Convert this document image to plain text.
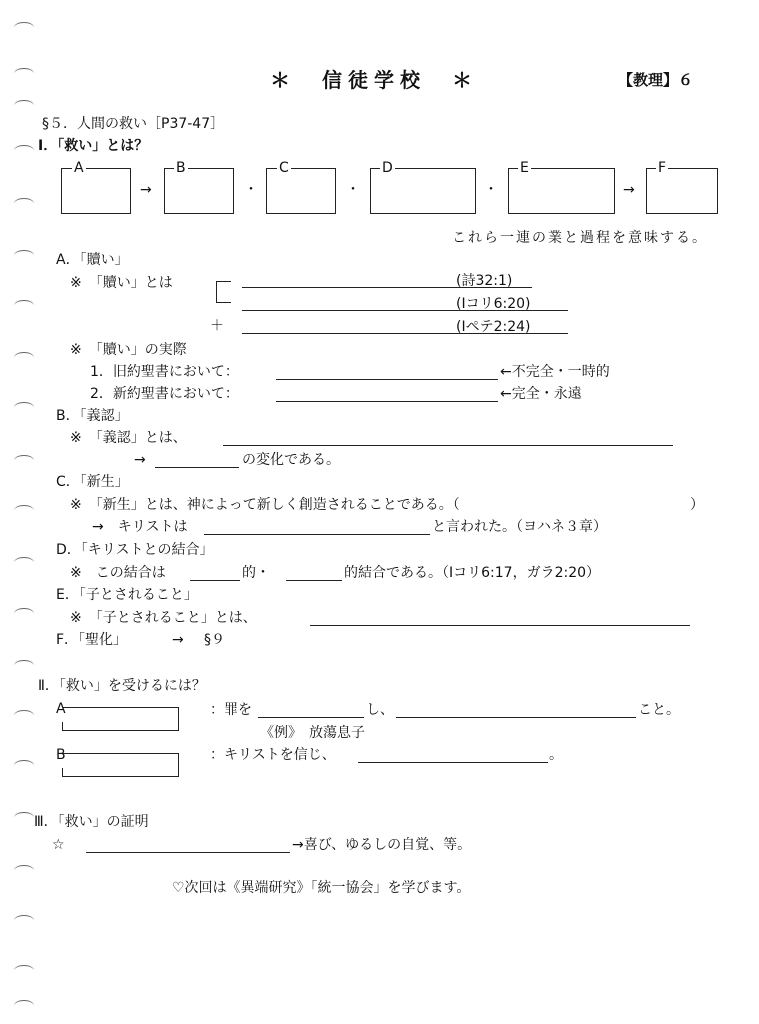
＊　信徒学校　＊	【教理】６
§５．人間の救い［P37-47］
Ⅰ．「救い」とは？
A
→
B
・
C
・
D
・
E
→
F
これら一連の業と過程を意味する。
A．「贖い」
※　「贖い」とは	(詩32:1)
(Ⅰコリ6:20)
＋	(Ⅰペテ2:24)
※　「贖い」の実際
1．旧約聖書において：	←不完全・一時的
2．新約聖書において：	←完全・永遠
B．「義認」
※　「義認」とは、
→	の変化である。
C．「新生」
※　「新生」とは、神によって新しく創造されることである。（	）
→　キリストは	と言われた。（ヨハネ３章）
D．「キリストとの結合」
※　この結合は	的・	的結合である。（Ⅰコリ6:17，ガラ2:20）
E．「子とされること」
※　「子とされること」とは、
F．「聖化」	→ §９
Ⅱ．「救い」を受けるには？
A	：罪を	し、	こと。
《例》　放蕩息子
B	：キリストを信じ、	。
Ⅲ．「救い」の証明
☆	→喜び、ゆるしの自覚、等。
♡次回は《異端研究》「統一協会」を学びます。
